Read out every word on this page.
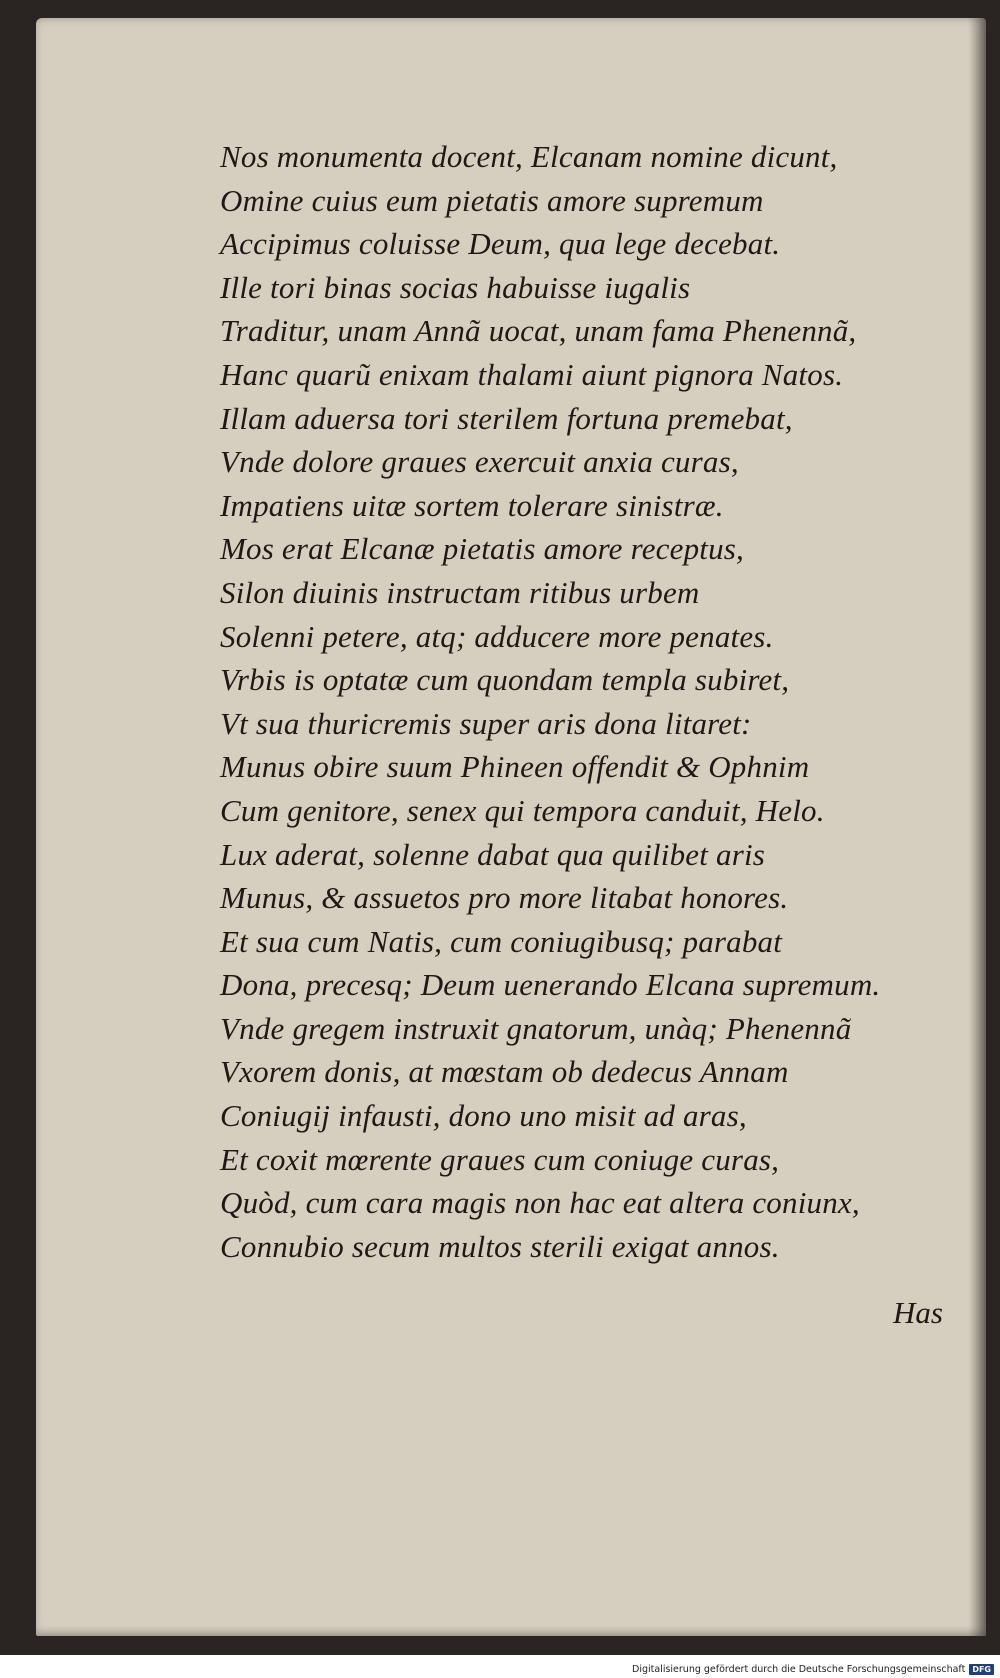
Nos monumenta docent, Elcanam nomine dicunt,
Omine cuius eum pietatis amore supremum
Accipimus coluisse Deum, qua lege decebat.
Ille tori binas socias habuisse iugalis
Traditur, unam Annã uocat, unam fama Phenennã,
Hanc quarũ enixam thalami aiunt pignora Natos.
Illam aduersa tori sterilem fortuna premebat,
Vnde dolore graues exercuit anxia curas,
Impatiens uitæ sortem tolerare sinistræ.
Mos erat Elcanæ pietatis amore receptus,
Silon diuinis instructam ritibus urbem
Solenni petere, atq; adducere more penates.
Vrbis is optatæ cum quondam templa subiret,
Vt sua thuricremis super aris dona litaret:
Munus obire suum Phineen offendit & Ophnim
Cum genitore, senex qui tempora canduit, Helo.
Lux aderat, solenne dabat qua quilibet aris
Munus, & assuetos pro more litabat honores.
Et sua cum Natis, cum coniugibusq; parabat
Dona, precesq; Deum uenerando Elcana supremum.
Vnde gregem instruxit gnatorum, unàq; Phenennã
Vxorem donis, at mœstam ob dedecus Annam
Coniugij infausti, dono uno misit ad aras,
Et coxit mœrente graues cum coniuge curas,
Quòd, cum cara magis non hac eat altera coniunx,
Connubio secum multos sterili exigat annos.
Has
Digitalisierung gefördert durch die Deutsche Forschungsgemeinschaft DFG
